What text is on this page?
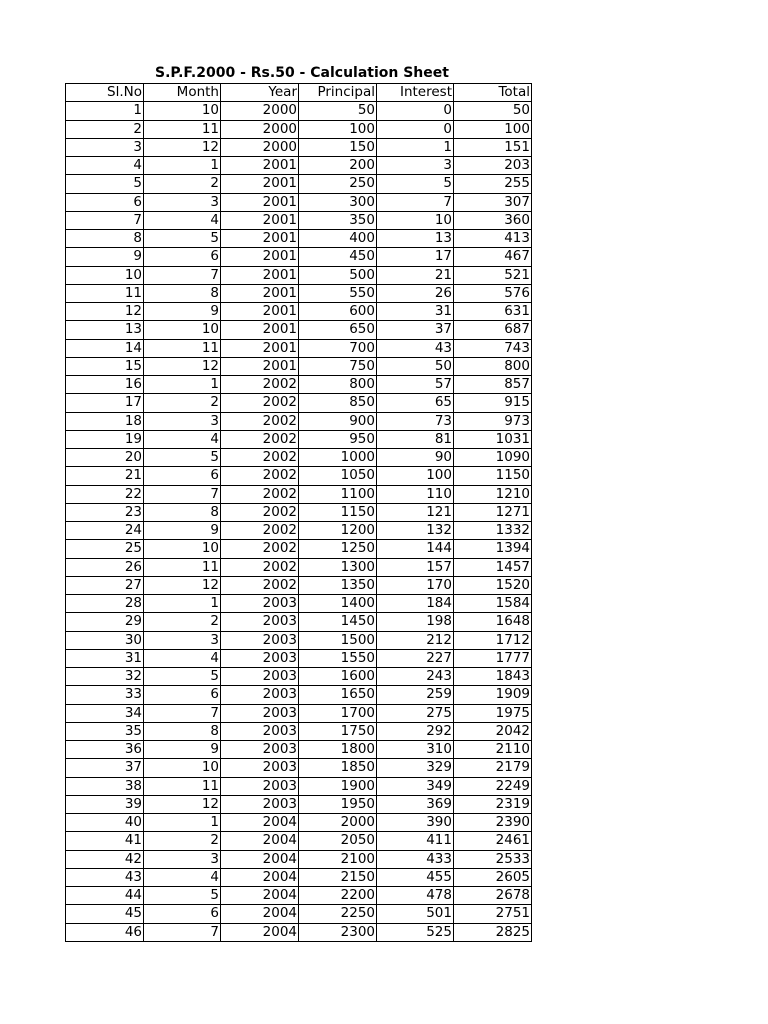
S.P.F.2000 - Rs.50 - Calculation Sheet
Sl.No	Month	Year	Principal	Interest	Total
1	10	2000	50	0	50
2	11	2000	100	0	100
3	12	2000	150	1	151
4	1	2001	200	3	203
5	2	2001	250	5	255
6	3	2001	300	7	307
7	4	2001	350	10	360
8	5	2001	400	13	413
9	6	2001	450	17	467
10	7	2001	500	21	521
11	8	2001	550	26	576
12	9	2001	600	31	631
13	10	2001	650	37	687
14	11	2001	700	43	743
15	12	2001	750	50	800
16	1	2002	800	57	857
17	2	2002	850	65	915
18	3	2002	900	73	973
19	4	2002	950	81	1031
20	5	2002	1000	90	1090
21	6	2002	1050	100	1150
22	7	2002	1100	110	1210
23	8	2002	1150	121	1271
24	9	2002	1200	132	1332
25	10	2002	1250	144	1394
26	11	2002	1300	157	1457
27	12	2002	1350	170	1520
28	1	2003	1400	184	1584
29	2	2003	1450	198	1648
30	3	2003	1500	212	1712
31	4	2003	1550	227	1777
32	5	2003	1600	243	1843
33	6	2003	1650	259	1909
34	7	2003	1700	275	1975
35	8	2003	1750	292	2042
36	9	2003	1800	310	2110
37	10	2003	1850	329	2179
38	11	2003	1900	349	2249
39	12	2003	1950	369	2319
40	1	2004	2000	390	2390
41	2	2004	2050	411	2461
42	3	2004	2100	433	2533
43	4	2004	2150	455	2605
44	5	2004	2200	478	2678
45	6	2004	2250	501	2751
46	7	2004	2300	525	2825
